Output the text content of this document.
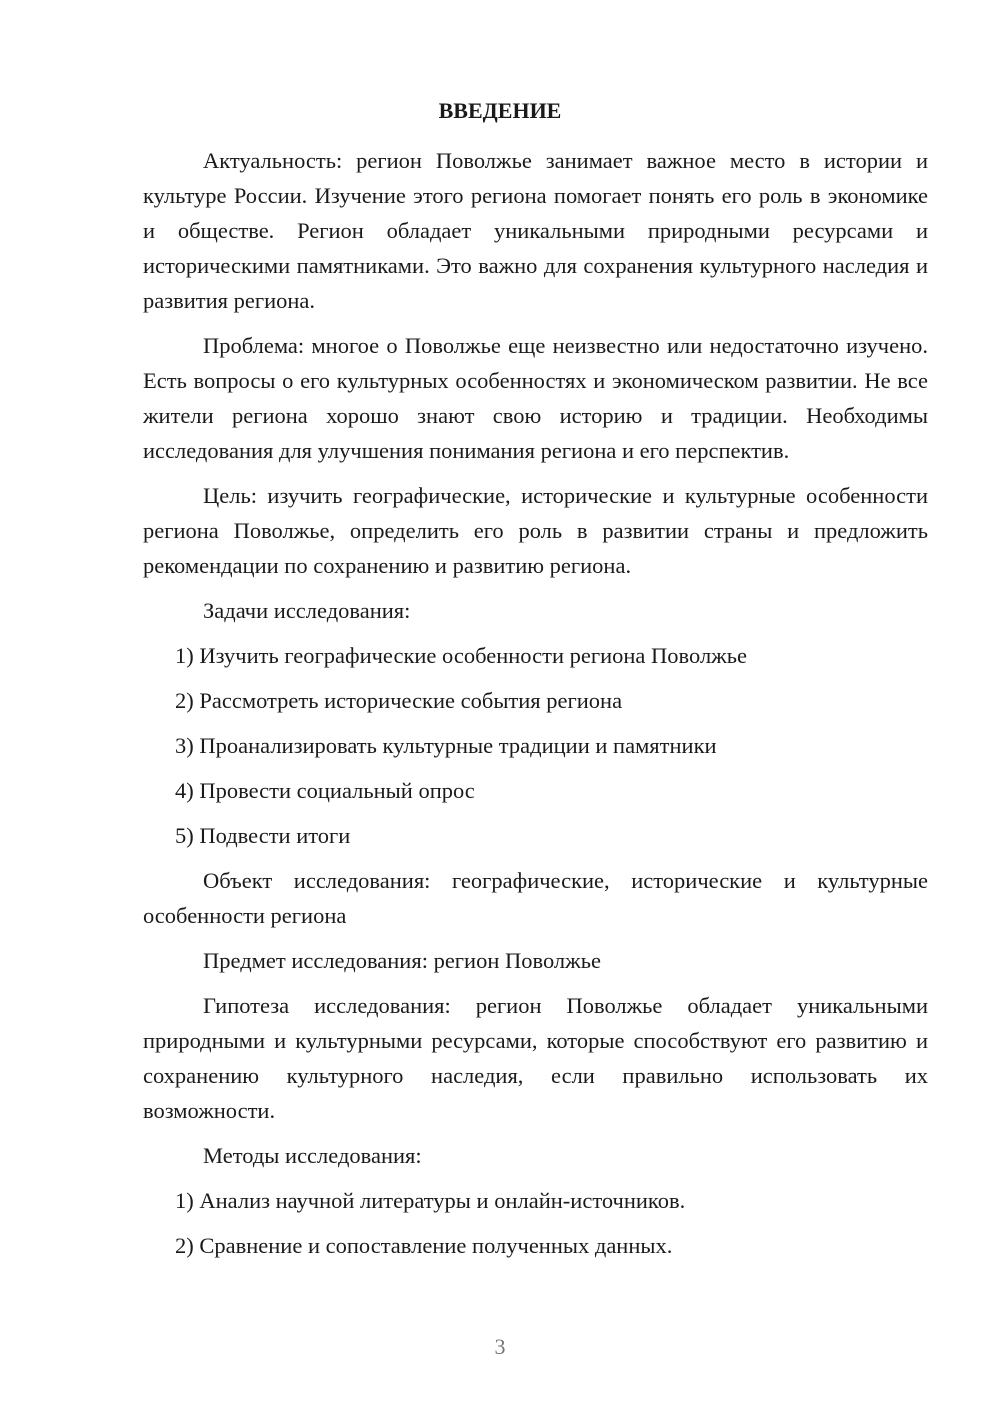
ВВЕДЕНИЕ

Актуальность: регион Поволжье занимает важное место в истории и культуре России. Изучение этого региона помогает понять его роль в экономике и обществе. Регион обладает уникальными природными ресурсами и историческими памятниками. Это важно для сохранения культурного наследия и развития региона.

Проблема: многое о Поволжье еще неизвестно или недостаточно изучено. Есть вопросы о его культурных особенностях и экономическом развитии. Не все жители региона хорошо знают свою историю и традиции. Необходимы исследования для улучшения понимания региона и его перспектив.

Цель: изучить географические, исторические и культурные особенности региона Поволжье, определить его роль в развитии страны и предложить рекомендации по сохранению и развитию региона.

Задачи исследования:

1) Изучить географические особенности региона Поволжье
2) Рассмотреть исторические события региона
3) Проанализировать культурные традиции и памятники
4) Провести социальный опрос
5) Подвести итоги

Объект исследования: географические, исторические и культурные особенности региона

Предмет исследования: регион Поволжье

Гипотеза исследования: регион Поволжье обладает уникальными природными и культурными ресурсами, которые способствуют его развитию и сохранению культурного наследия, если правильно использовать их возможности.

Методы исследования:

1) Анализ научной литературы и онлайн-источников.
2) Сравнение и сопоставление полученных данных.
3
